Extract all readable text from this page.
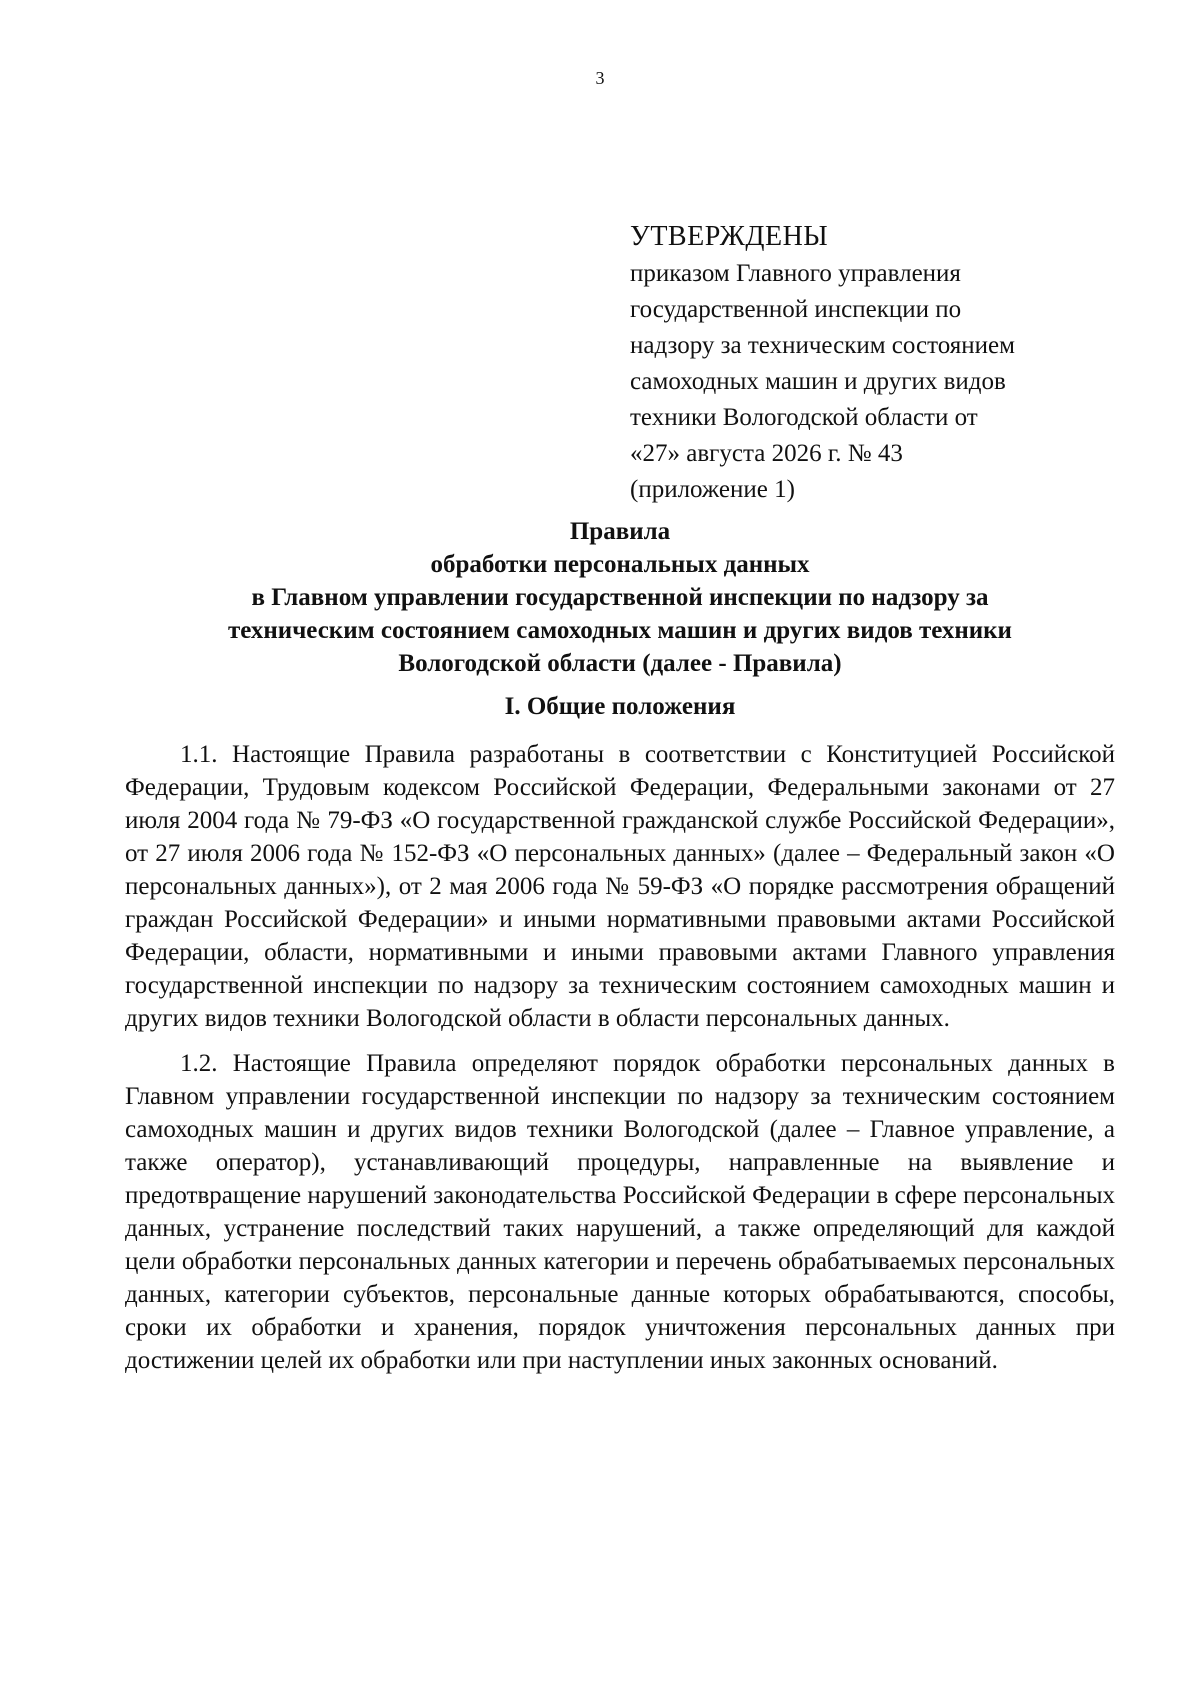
3
УТВЕРЖДЕНЫ
приказом Главного управления
государственной инспекции по
надзору за техническим состоянием
самоходных машин и других видов
техники Вологодской области от
«27» августа 2026 г. № 43
(приложение 1)
Правила
обработки персональных данных
в Главном управлении государственной инспекции по надзору за
техническим состоянием самоходных машин и других видов техники
Вологодской области (далее - Правила)
I. Общие положения

1.1. Настоящие Правила разработаны в соответствии с Конституцией Российской Федерации, Трудовым кодексом Российской Федерации, Федеральными законами от 27 июля 2004 года № 79-ФЗ «О государственной гражданской службе Российской Федерации», от 27 июля 2006 года № 152-ФЗ «О персональных данных» (далее – Федеральный закон «О персональных данных»), от 2 мая 2006 года № 59-ФЗ «О порядке рассмотрения обращений граждан Российской Федерации» и иными нормативными правовыми актами Российской Федерации, области, нормативными и иными правовыми актами Главного управления государственной инспекции по надзору за техническим состоянием самоходных машин и других видов техники Вологодской области в области персональных данных.

1.2. Настоящие Правила определяют порядок обработки персональных данных в Главном управлении государственной инспекции по надзору за техническим состоянием самоходных машин и других видов техники Вологодской (далее – Главное управление, а также оператор), устанавливающий процедуры, направленные на выявление и предотвращение нарушений законодательства Российской Федерации в сфере персональных данных, устранение последствий таких нарушений, а также определяющий для каждой цели обработки персональных данных категории и перечень обрабатываемых персональных данных, категории субъектов, персональные данные которых обрабатываются, способы, сроки их обработки и хранения, порядок уничтожения персональных данных при достижении целей их обработки или при наступлении иных законных оснований.
